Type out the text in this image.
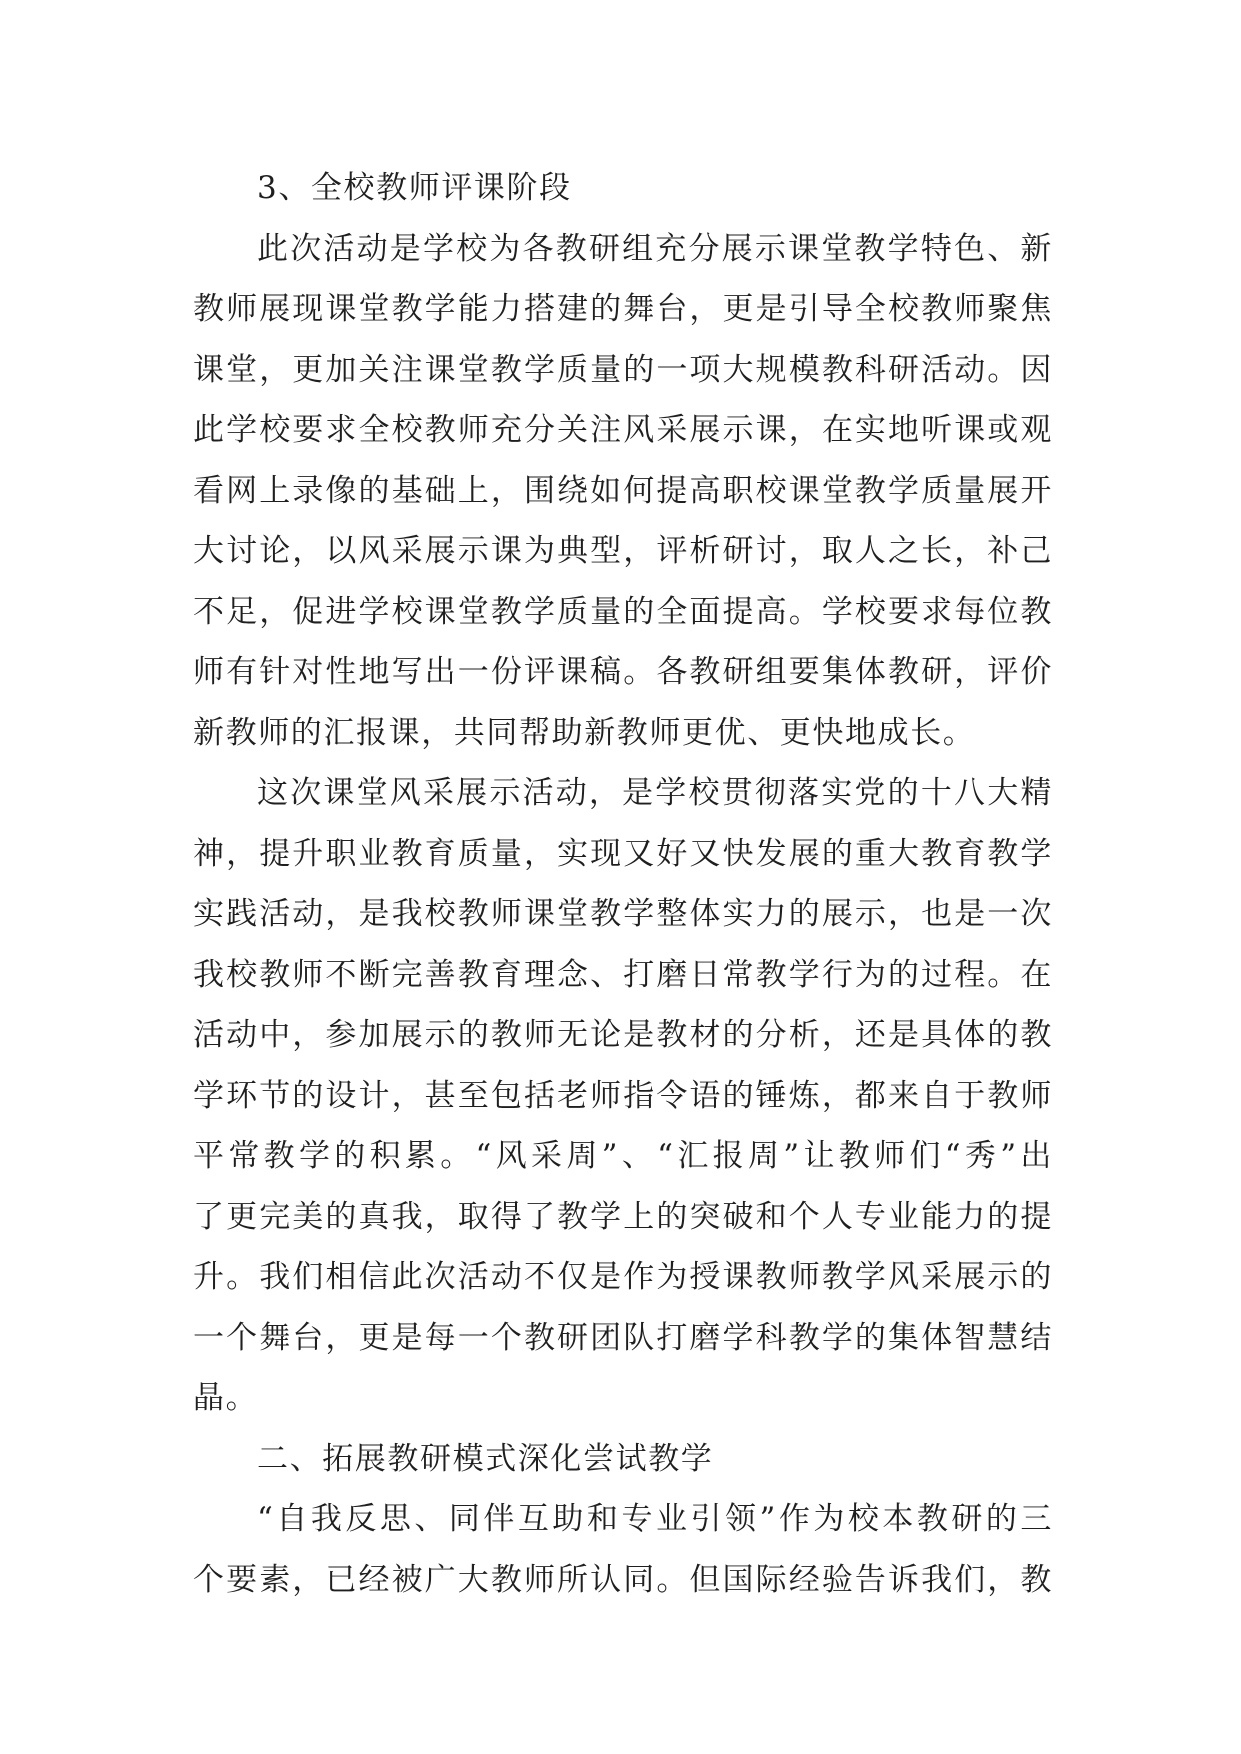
3、全校教师评课阶段
此次活动是学校为各教研组充分展示课堂教学特色、新
教师展现课堂教学能力搭建的舞台，更是引导全校教师聚焦
课堂，更加关注课堂教学质量的一项大规模教科研活动。因
此学校要求全校教师充分关注风采展示课，在实地听课或观
看网上录像的基础上，围绕如何提高职校课堂教学质量展开
大讨论，以风采展示课为典型，评析研讨，取人之长，补己
不足，促进学校课堂教学质量的全面提高。学校要求每位教
师有针对性地写出一份评课稿。各教研组要集体教研，评价
新教师的汇报课，共同帮助新教师更优、更快地成长。
这次课堂风采展示活动，是学校贯彻落实党的十八大精
神，提升职业教育质量，实现又好又快发展的重大教育教学
实践活动，是我校教师课堂教学整体实力的展示，也是一次
我校教师不断完善教育理念、打磨日常教学行为的过程。在
活动中，参加展示的教师无论是教材的分析，还是具体的教
学环节的设计，甚至包括老师指令语的锤炼，都来自于教师
平常教学的积累。“风采周”、“汇报周”让教师们“秀”出
了更完美的真我，取得了教学上的突破和个人专业能力的提
升。我们相信此次活动不仅是作为授课教师教学风采展示的
一个舞台，更是每一个教研团队打磨学科教学的集体智慧结
晶。
二、拓展教研模式深化尝试教学
“自我反思、同伴互助和专业引领”作为校本教研的三
个要素，已经被广大教师所认同。但国际经验告诉我们，教
